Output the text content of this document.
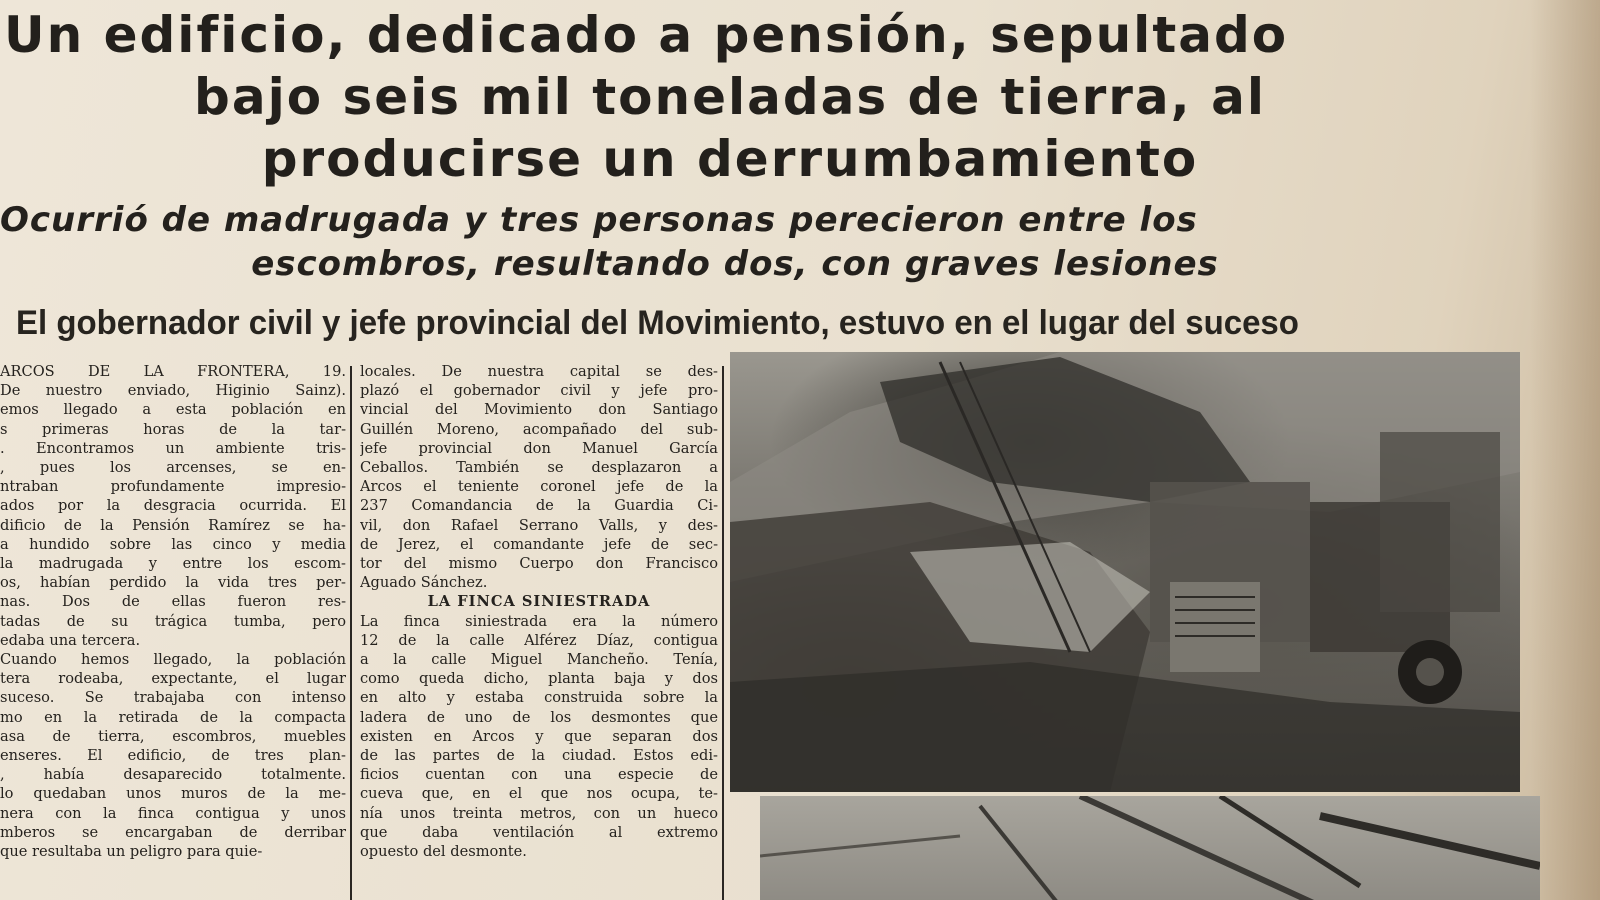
Un edificio, dedicado a pensión, sepultado
bajo seis mil toneladas de tierra, al
producirse un derrumbamiento
Ocurrió de madrugada y tres personas perecieron entre los
escombros, resultando dos, con graves lesiones
El gobernador civil y jefe provincial del Movimiento, estuvo en el lugar del suceso
ARCOS DE LA FRONTERA, 19.
De nuestro enviado, Higinio Sainz).
emos llegado a esta población en
s primeras horas de la tar-
. Encontramos un ambiente tris-
, pues los arcenses, se en-
ntraban profundamente impresio-
ados por la desgracia ocurrida. El
dificio de la Pensión Ramírez se ha-
a hundido sobre las cinco y media
la madrugada y entre los escom-
os, habían perdido la vida tres per-
nas. Dos de ellas fueron res-
tadas de su trágica tumba, pero
edaba una tercera.
Cuando hemos llegado, la población
tera rodeaba, expectante, el lugar
suceso. Se trabajaba con intenso
mo en la retirada de la compacta
asa de tierra, escombros, muebles
enseres. El edificio, de tres plan-
, había desaparecido totalmente.
lo quedaban unos muros de la me-
nera con la finca contigua y unos
mberos se encargaban de derribar
que resultaba un peligro para quie-
locales. De nuestra capital se des-
plazó el gobernador civil y jefe pro-
vincial del Movimiento don Santiago
Guillén Moreno, acompañado del sub-
jefe provincial don Manuel García
Ceballos. También se desplazaron a
Arcos el teniente coronel jefe de la
237 Comandancia de la Guardia Ci-
vil, don Rafael Serrano Valls, y des-
de Jerez, el comandante jefe de sec-
tor del mismo Cuerpo don Francisco
Aguado Sánchez.
LA FINCA SINIESTRADA
La finca siniestrada era la número
12 de la calle Alférez Díaz, contigua
a la calle Miguel Mancheño. Tenía,
como queda dicho, planta baja y dos
en alto y estaba construida sobre la
ladera de uno de los desmontes que
existen en Arcos y que separan dos
de las partes de la ciudad. Estos edi-
ficios cuentan con una especie de
cueva que, en el que nos ocupa, te-
nía unos treinta metros, con un hueco
que daba ventilación al extremo
opuesto del desmonte.
